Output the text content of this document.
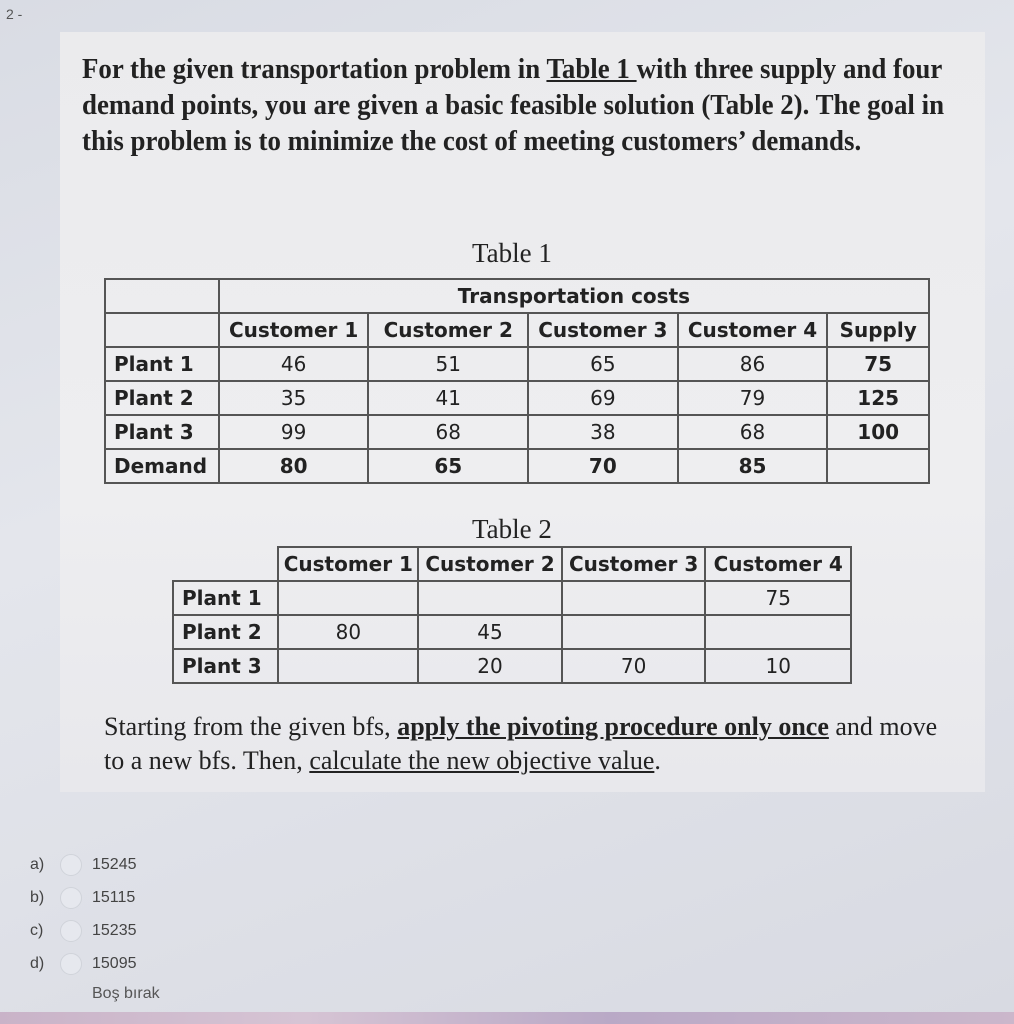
2 -

For the given transportation problem in Table 1 with three supply and four demand points, you are given a basic feasible solution (Table 2). The goal in this problem is to minimize the cost of meeting customers’ demands.

Table 1
	Transportation costs				
	Customer 1	Customer 2	Customer 3	Customer 4	Supply
Plant 1	46	51	65	86	75
Plant 2	35	41	69	79	125
Plant 3	99	68	38	68	100
Demand	80	65	70	85	
Table 2
	Customer 1	Customer 2	Customer 3	Customer 4
Plant 1				75
Plant 2	80	45		
Plant 3		20	70	10

Starting from the given bfs, apply the pivoting procedure only once and move to a new bfs. Then, calculate the new objective value.

a)	15245
b)	15115
c)	15235
d)	15095
Boş bırak
